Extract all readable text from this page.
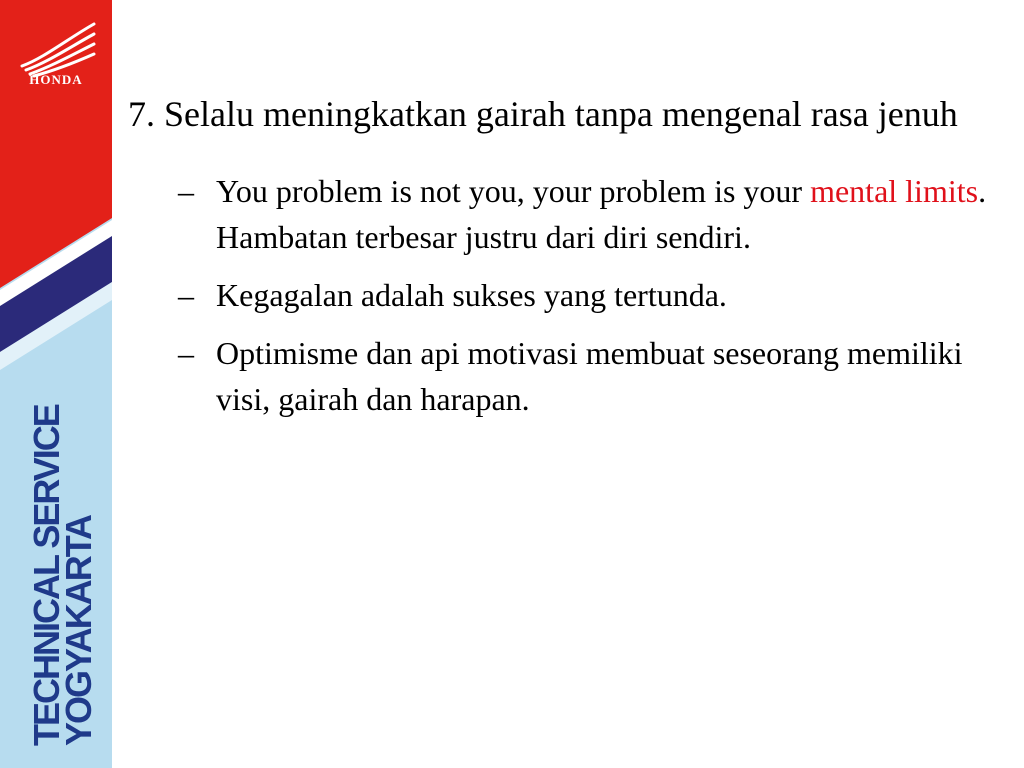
HONDA
TECHNICAL SERVICE
YOGYAKARTA

7. Selalu meningkatkan gairah tanpa mengenal rasa jenuh

– You problem is not you, your problem is your mental limits. Hambatan terbesar justru dari diri sendiri.
– Kegagalan adalah sukses yang tertunda.
– Optimisme dan api motivasi membuat seseorang memiliki visi, gairah dan harapan.
